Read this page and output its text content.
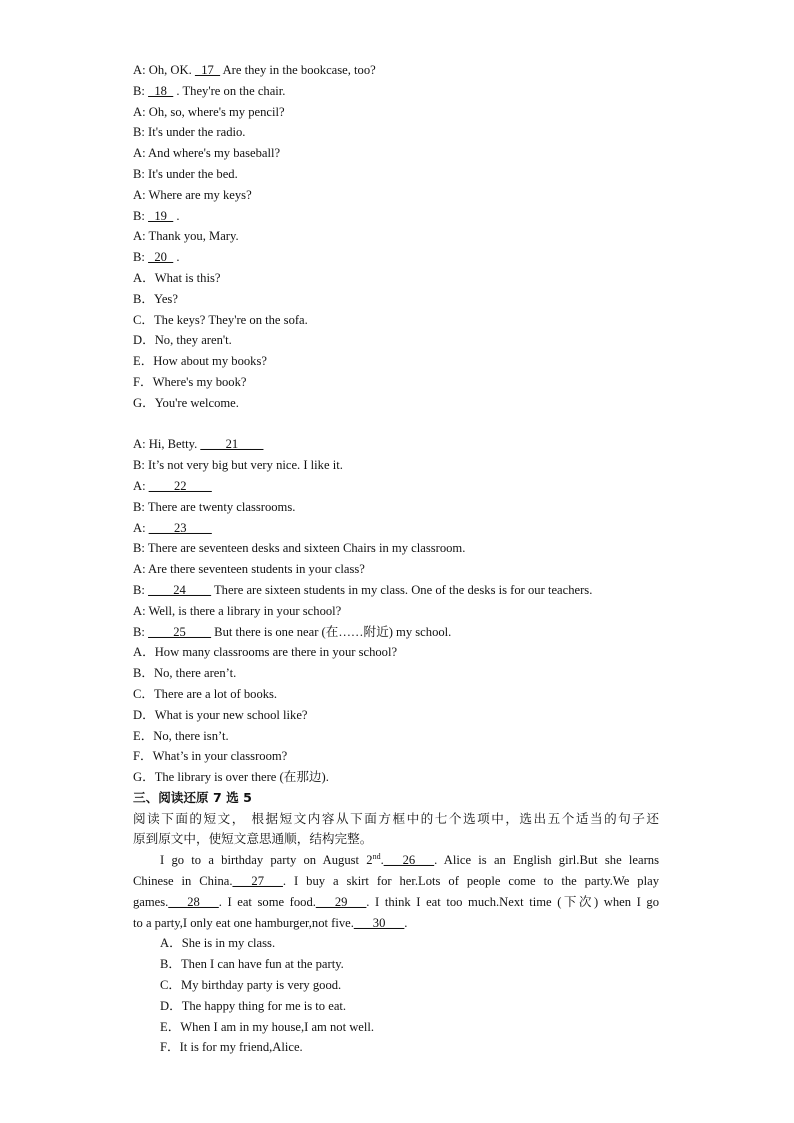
A: Oh, OK.   17   Are they in the bookcase, too?
B:   18   . They're on the chair.
A: Oh, so, where's my pencil?
B: It's under the radio.
A: And where's my baseball?
B: It's under the bed.
A: Where are my keys?
B:   19   .
A: Thank you, Mary.
B:   20   .
A．What is this?
B．Yes?
C．The keys? They're on the sofa.
D．No, they aren't.
E．How about my books?
F．Where's my book?
G．You're welcome.
A: Hi, Betty. ____21____
B: It’s not very big but very nice. I like it.
A: ____22____
B: There are twenty classrooms.
A: ____23____
B: There are seventeen desks and sixteen Chairs in my classroom.
A: Are there seventeen students in your class?
B: ____24____ There are sixteen students in my class. One of the desks is for our teachers.
A: Well, is there a library in your school?
B: ____25____ But there is one near (在……附近) my school.
A．How many classrooms are there in your school?
B．No, there aren’t.
C．There are a lot of books.
D．What is your new school like?
E．No, there isn’t.
F．What’s in your classroom?
G．The library is over there (在那边).
三、阅读还原 7 选 5
阅读下面的短文， 根据短文内容从下面方框中的七个选项中，选出五个适当的句子还
原到原文中，使短文意思通顺，结构完整。
I go to a birthday party on August 2nd.___26___. Alice is an English girl.But she learns
Chinese in China.___27___. I buy a skirt for her.Lots of people come to the party.We play
games.___28___. I eat some food.___29___. I think I eat too much.Next time (下次) when I go
to a party,I only eat one hamburger,not five.___30___.
A．She is in my class.
B．Then I can have fun at the party.
C．My birthday party is very good.
D．The happy thing for me is to eat.
E．When I am in my house,I am not well.
F．It is for my friend,Alice.
